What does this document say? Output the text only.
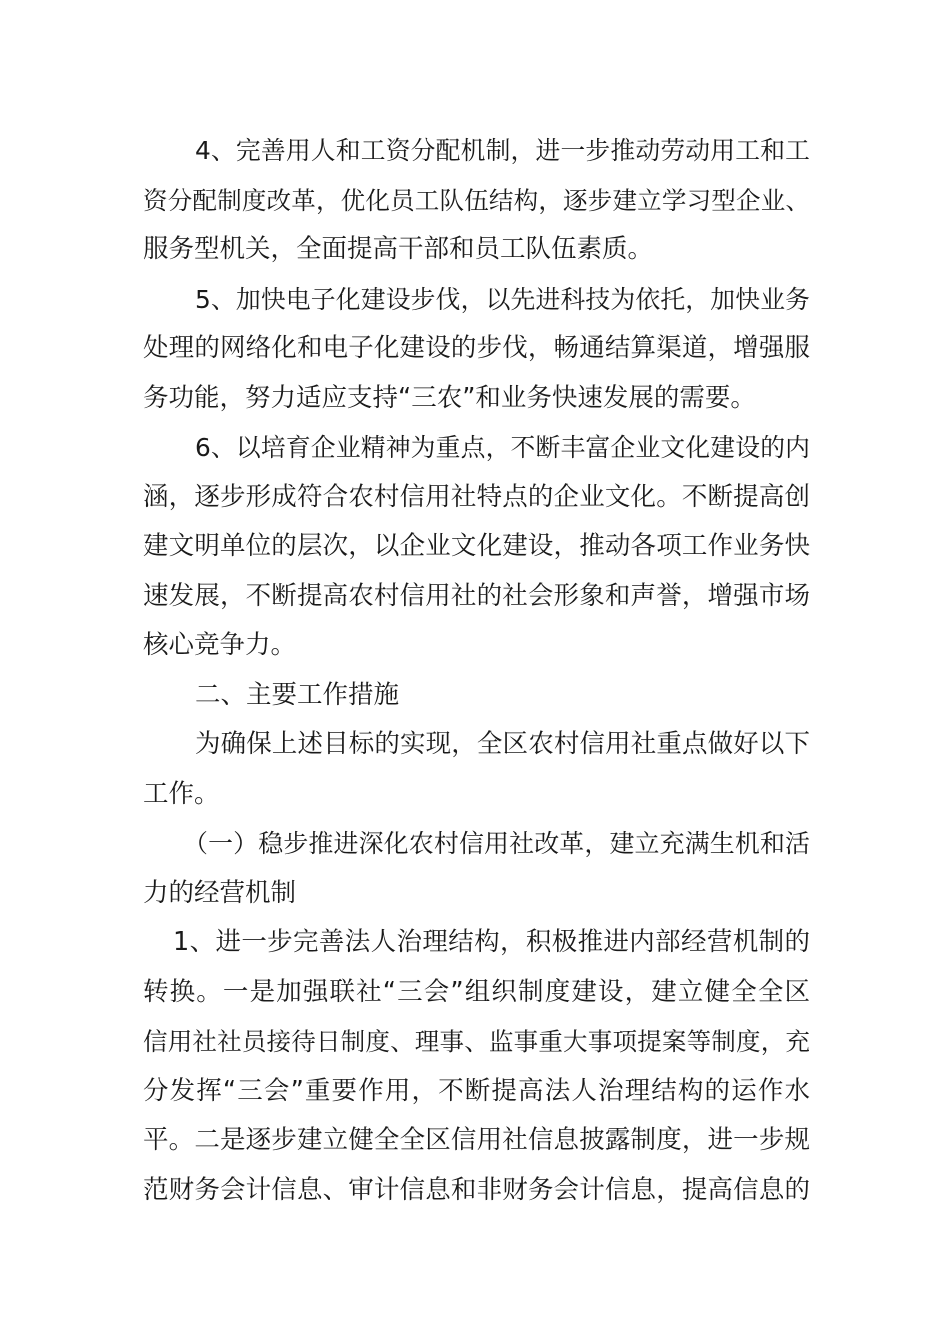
4、完善用人和工资分配机制，进一步推动劳动用工和工
资分配制度改革，优化员工队伍结构，逐步建立学习型企业、
服务型机关，全面提高干部和员工队伍素质。
5、加快电子化建设步伐，以先进科技为依托，加快业务
处理的网络化和电子化建设的步伐，畅通结算渠道，增强服
务功能，努力适应支持“三农”和业务快速发展的需要。
6、以培育企业精神为重点，不断丰富企业文化建设的内
涵，逐步形成符合农村信用社特点的企业文化。不断提高创
建文明单位的层次，以企业文化建设，推动各项工作业务快
速发展，不断提高农村信用社的社会形象和声誉，增强市场
核心竞争力。
二、主要工作措施
为确保上述目标的实现，全区农村信用社重点做好以下
工作。
（一）稳步推进深化农村信用社改革，建立充满生机和活
力的经营机制
1、进一步完善法人治理结构，积极推进内部经营机制的
转换。一是加强联社“三会”组织制度建设，建立健全全区
信用社社员接待日制度、理事、监事重大事项提案等制度，充
分发挥“三会”重要作用，不断提高法人治理结构的运作水
平。二是逐步建立健全全区信用社信息披露制度，进一步规
范财务会计信息、审计信息和非财务会计信息，提高信息的
